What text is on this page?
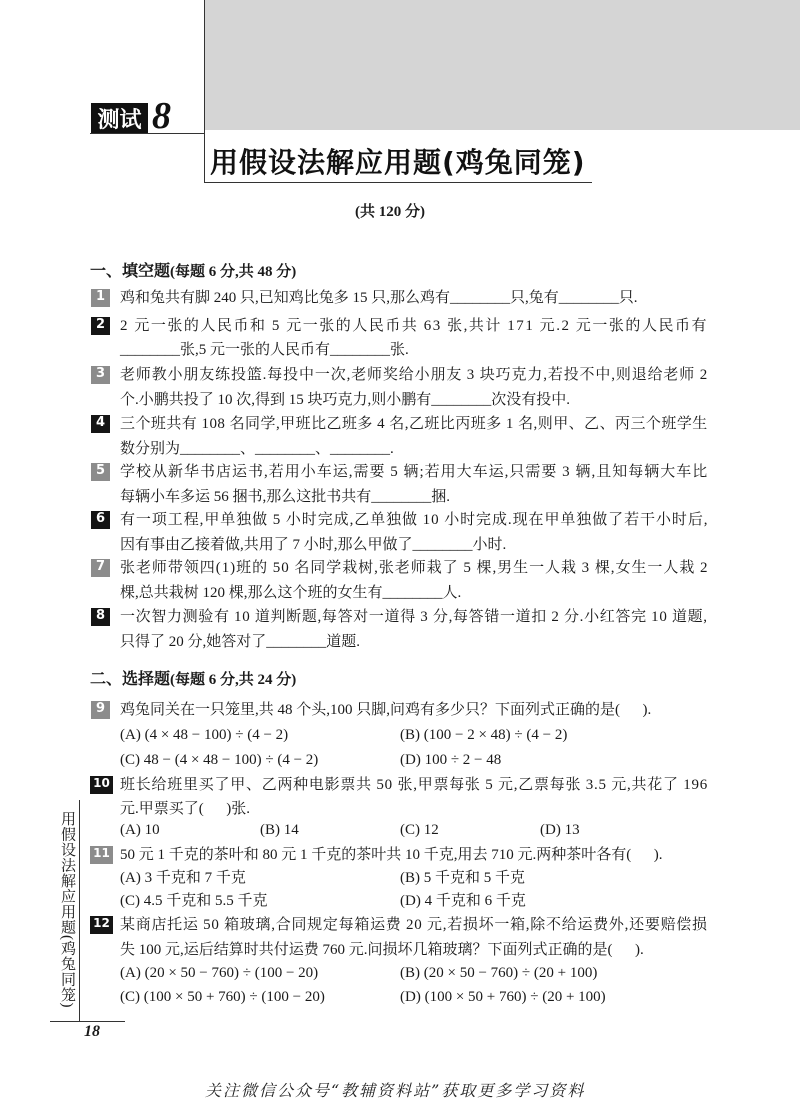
测试 8
用假设法解应用题(鸡兔同笼)
(共 120 分)
一、填空题(每题 6 分,共 48 分)
1 鸡和兔共有脚 240 只,已知鸡比兔多 15 只,那么鸡有________只,兔有________只.
2 2 元一张的人民币和 5 元一张的人民币共 63 张,共计 171 元.2 元一张的人民币有
________张,5 元一张的人民币有________张.
3 老师教小朋友练投篮.每投中一次,老师奖给小朋友 3 块巧克力,若投不中,则退给老师 2
个.小鹏共投了 10 次,得到 15 块巧克力,则小鹏有________次没有投中.
4 三个班共有 108 名同学,甲班比乙班多 4 名,乙班比丙班多 1 名,则甲、乙、丙三个班学生
数分别为________、________、________.
5 学校从新华书店运书,若用小车运,需要 5 辆;若用大车运,只需要 3 辆,且知每辆大车比
每辆小车多运 56 捆书,那么这批书共有________捆.
6 有一项工程,甲单独做 5 小时完成,乙单独做 10 小时完成.现在甲单独做了若干小时后,
因有事由乙接着做,共用了 7 小时,那么甲做了________小时.
7 张老师带领四(1)班的 50 名同学栽树,张老师栽了 5 棵,男生一人栽 3 棵,女生一人栽 2
棵,总共栽树 120 棵,那么这个班的女生有________人.
8 一次智力测验有 10 道判断题,每答对一道得 3 分,每答错一道扣 2 分.小红答完 10 道题,
只得了 20 分,她答对了________道题.
二、选择题(每题 6 分,共 24 分)
9 鸡兔同关在一只笼里,共 48 个头,100 只脚,问鸡有多少只？下面列式正确的是(      ).
(A) (4 × 48 − 100) ÷ (4 − 2)	(B) (100 − 2 × 48) ÷ (4 − 2)
(C) 48 − (4 × 48 − 100) ÷ (4 − 2)	(D) 100 ÷ 2 − 48
10 班长给班里买了甲、乙两种电影票共 50 张,甲票每张 5 元,乙票每张 3.5 元,共花了 196
元.甲票买了(      )张.
(A) 10	(B) 14	(C) 12	(D) 13
11 50 元 1 千克的茶叶和 80 元 1 千克的茶叶共 10 千克,用去 710 元.两种茶叶各有(      ).
(A) 3 千克和 7 千克	(B) 5 千克和 5 千克
(C) 4.5 千克和 5.5 千克	(D) 4 千克和 6 千克
12 某商店托运 50 箱玻璃,合同规定每箱运费 20 元,若损坏一箱,除不给运费外,还要赔偿损
失 100 元,运后结算时共付运费 760 元.问损坏几箱玻璃？下面列式正确的是(      ).
(A) (20 × 50 − 760) ÷ (100 − 20)	(B) (20 × 50 − 760) ÷ (20 + 100)
(C) (100 × 50 + 760) ÷ (100 − 20)	(D) (100 × 50 + 760) ÷ (20 + 100)
用假设法解应用题(鸡兔同笼)
18
关注微信公众号“教辅资料站”获取更多学习资料
